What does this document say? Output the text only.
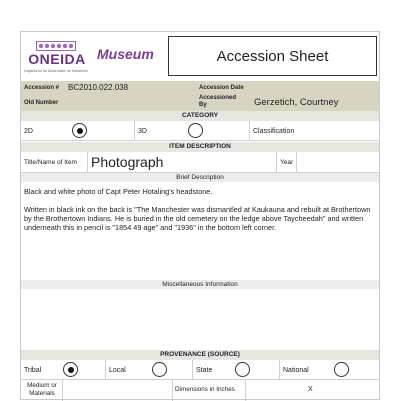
ONEIDA
Kayanla·kó tsi Ukwehuwé·ne Kanatsíhe
Museum	Accession Sheet
Accession # BC2010.022.038	Accession Date
Old Number
Accessioned By	Gerzetich, Courtney
CATEGORY
2D	3D	Classification
ITEM DESCRIPTION
Title/Name of Item Photograph	Year
Brief Description
Black and white photo of Capt Peter Hotaling's headstone.
Written in black ink on the back is "The Manchester was dismantled at Kaukauna and rebuilt at Brothertown by the Brothertown Indians. He is buried in the old cemetery on the ledge above Taycheedah" and written underneath this in pencil is "1854 49 age" and "1936" in the bottom left corner.
Miscellaneous Information
PROVENANCE (SOURCE)
Tribal	Local	State	National
Medium or Materials	Dimensions in Inches	X
